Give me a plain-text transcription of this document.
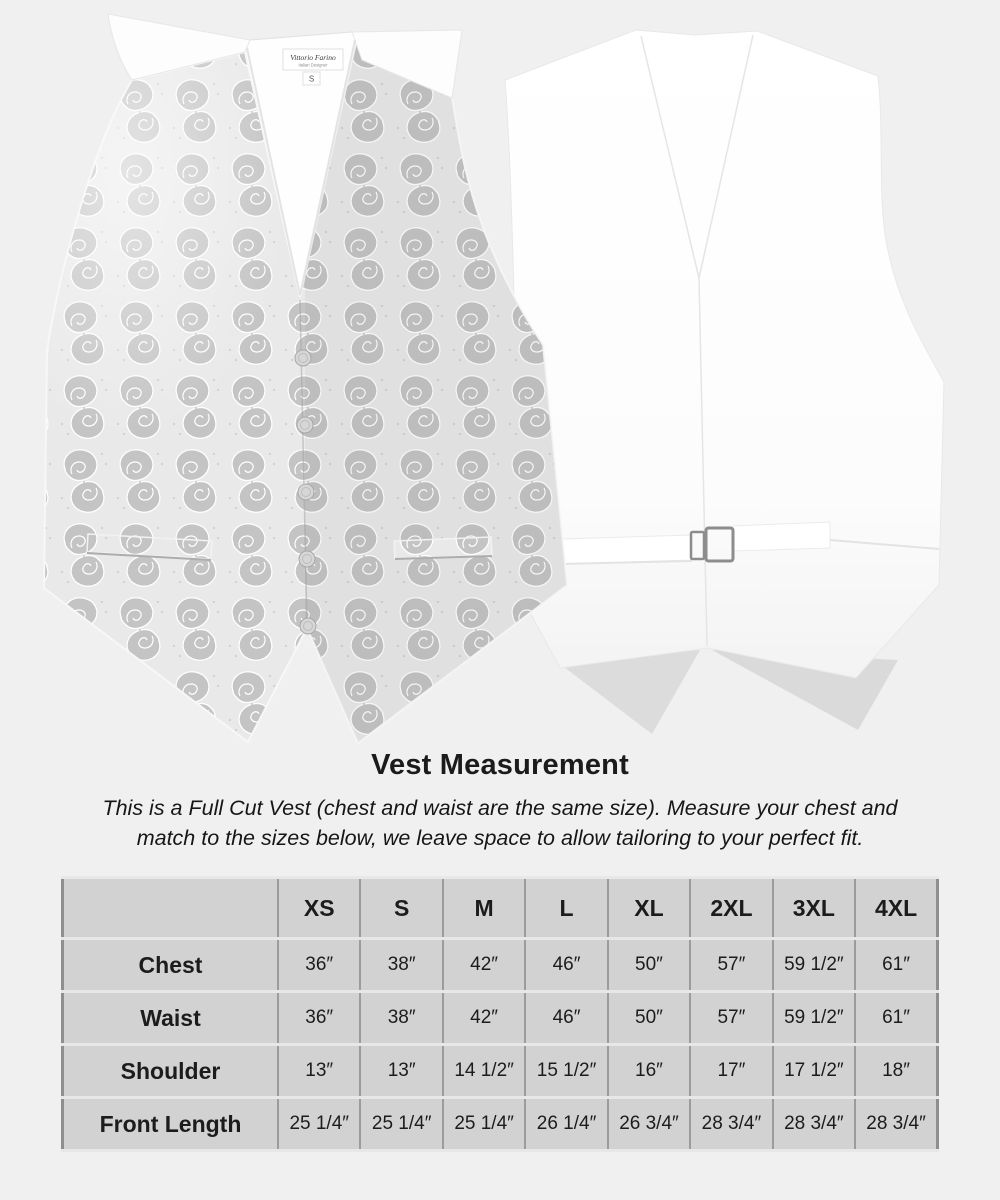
Vittorio Farino
Italian Designer
S
Vest Measurement
This is a Full Cut Vest (chest and waist are the same size). Measure your chest and
match to the sizes below, we leave space to allow tailoring to your perfect fit.
	XS	S	M	L	XL	2XL	3XL	4XL
Chest	36″	38″	42″	46″	50″	57″	59 1/2″	61″
Waist	36″	38″	42″	46″	50″	57″	59 1/2″	61″
Shoulder	13″	13″	14 1/2″	15 1/2″	16″	17″	17 1/2″	18″
Front Length	25 1/4″	25 1/4″	25 1/4″	26 1/4″	26 3/4″	28 3/4″	28 3/4″	28 3/4″
